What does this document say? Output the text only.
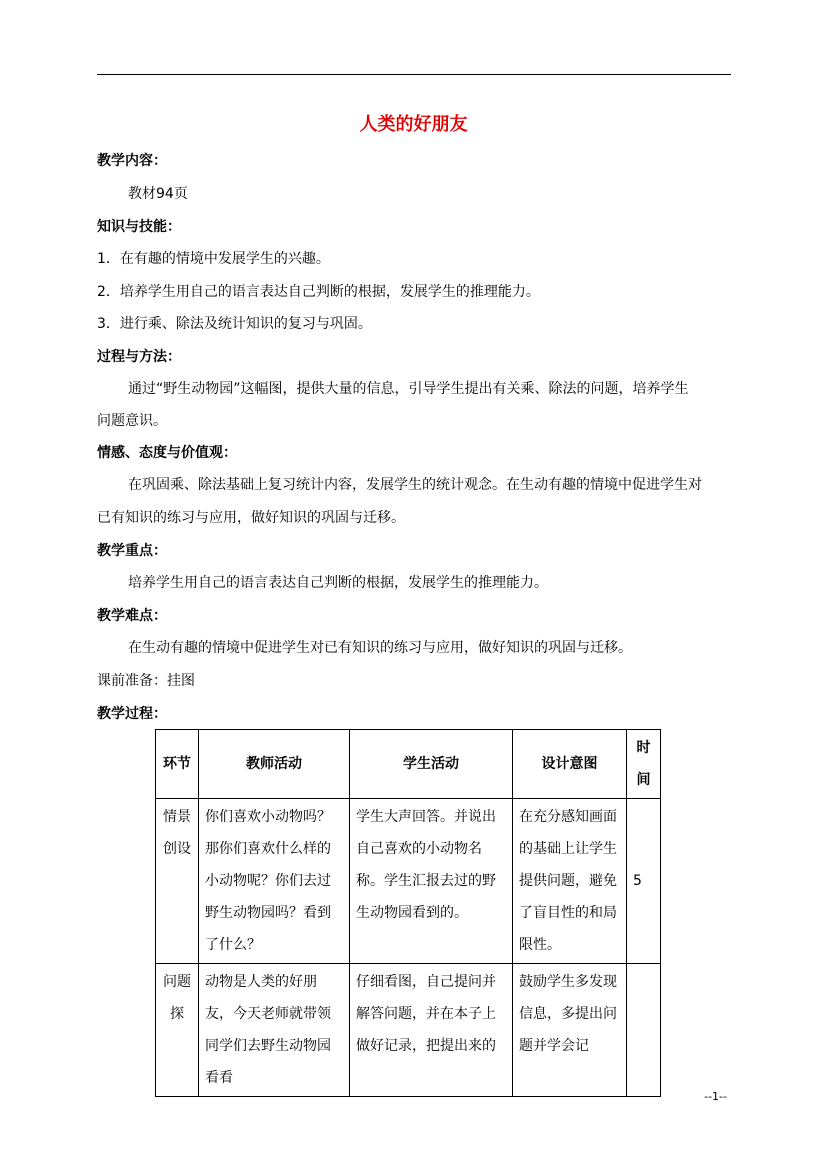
人类的好朋友
教学内容：
教材94页
知识与技能：
1．在有趣的情境中发展学生的兴趣。
2．培养学生用自己的语言表达自己判断的根据，发展学生的推理能力。
3．进行乘、除法及统计知识的复习与巩固。
过程与方法：
通过“野生动物园”这幅图，提供大量的信息，引导学生提出有关乘、除法的问题，培养学生
问题意识。
情感、态度与价值观：
在巩固乘、除法基础上复习统计内容，发展学生的统计观念。在生动有趣的情境中促进学生对
已有知识的练习与应用，做好知识的巩固与迁移。
教学重点：
培养学生用自己的语言表达自己判断的根据，发展学生的推理能力。
教学难点：
在生动有趣的情境中促进学生对已有知识的练习与应用，做好知识的巩固与迁移。
课前准备：挂图
教学过程：
环节	教师活动	学生活动	设计意图	时间
情景创设	你们喜欢小动物吗？那你们喜欢什么样的小动物呢？你们去过野生动物园吗？看到了什么？	学生大声回答。并说出自己喜欢的小动物名称。学生汇报去过的野生动物园看到的。	在充分感知画面的基础上让学生提供问题，避免了盲目性的和局限性。	5
问题探	动物是人类的好朋友，今天老师就带领同学们去野生动物园看看	仔细看图，自己提问并解答问题，并在本子上做好记录，把提出来的	鼓励学生多发现信息，多提出问题并学会记	
--1--
